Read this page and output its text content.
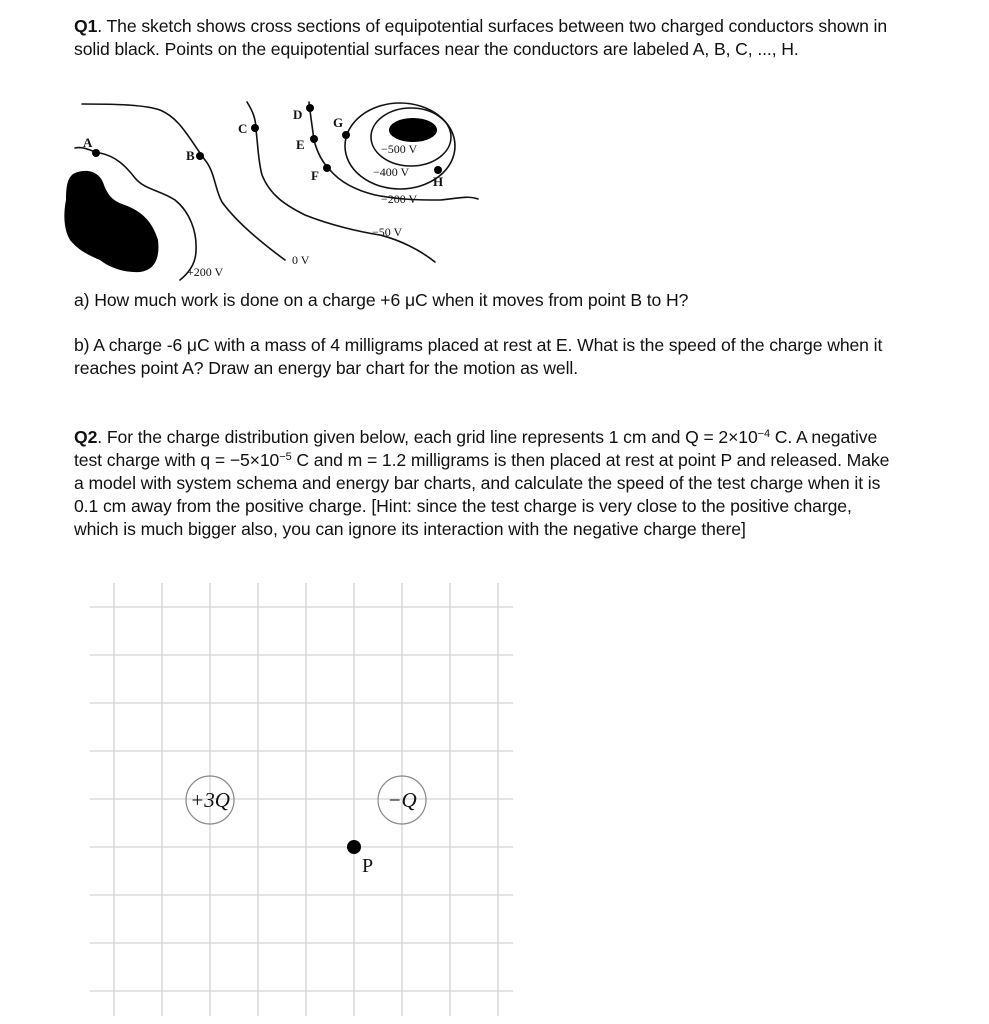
Q1. The sketch shows cross sections of equipotential surfaces between two charged conductors shown in solid black. Points on the equipotential surfaces near the conductors are labeled A, B, C, ..., H.
A
B
C
D
E
F
G
H
+200 V
0 V
−50 V
−200 V
−400 V
−500 V
+3Q	−Q
P
a) How much work is done on a charge +6 μC when it moves from point B to H?
b) A charge -6 μC with a mass of 4 milligrams placed at rest at E. What is the speed of the charge when it reaches point A? Draw an energy bar chart for the motion as well.
Q2. For the charge distribution given below, each grid line represents 1 cm and $Q = 2\times 10^{-4}$ C. A negative test charge with $q = -5\times 10^{-5}$ C and m = 1.2 milligrams is then placed at rest at point P and released. Make a model with system schema and energy bar charts, and calculate the speed of the test charge when it is 0.1 cm away from the positive charge. [Hint: since the test charge is very close to the positive charge, which is much bigger also, you can ignore its interaction with the negative charge there]
